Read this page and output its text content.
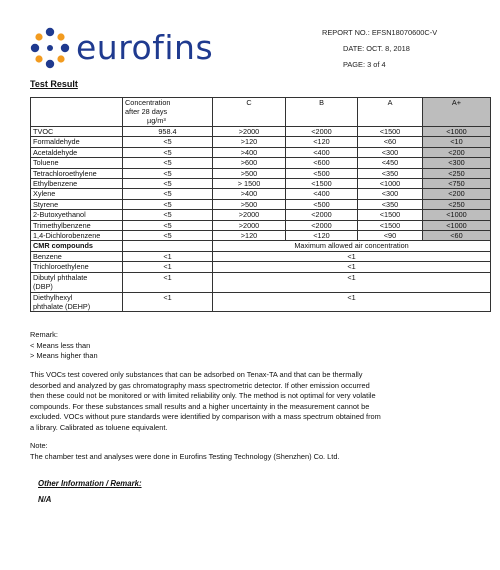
eurofins	REPORT NO.: EFSN18070600C-V
DATE: OCT. 8, 2018
PAGE: 3 of 4
Test Result

	Concentration
after 28 days
µg/m³	C	B	A	A+
TVOC	958.4	>2000	<2000	<1500	<1000
Formaldehyde	<5	>120	<120	<60	<10
Acetaldehyde	<5	>400	<400	<300	<200
Toluene	<5	>600	<600	<450	<300
Tetrachloroethylene	<5	>500	<500	<350	<250
Ethylbenzene	<5	> 1500	<1500	<1000	<750
Xylene	<5	>400	<400	<300	<200
Styrene	<5	>500	<500	<350	<250
2-Butoxyethanol	<5	>2000	<2000	<1500	<1000
Trimethylbenzene	<5	>2000	<2000	<1500	<1000
1,4-Dichlorobenzene	<5	>120	<120	<90	<60
CMR compounds		Maximum allowed air concentration			
Benzene	<1	<1			
Trichloroethylene	<1	<1			

Dibutyl phthalate
(DBP)	<1	<1			

Diethylhexyl
phthalate (DEHP)	<1	<1			
Remark:
< Means less than
> Means higher than
This VOCs test covered only substances that can be adsorbed on Tenax-TA and that can be thermally
desorbed and analyzed by gas chromatography mass spectrometric detector. If other emission occurred
then these could not be monitored or with limited reliability only. The method is not optimal for very volatile
compounds. For these substances small results and a higher uncertainty in the measurement cannot be
excluded. VOCs without pure standards were identified by comparison with a mass spectrum obtained from
a library. Calibrated as toluene equivalent.
Note:
The chamber test and analyses were done in Eurofins Testing Technology (Shenzhen) Co. Ltd.
Other Information / Remark:
N/A
